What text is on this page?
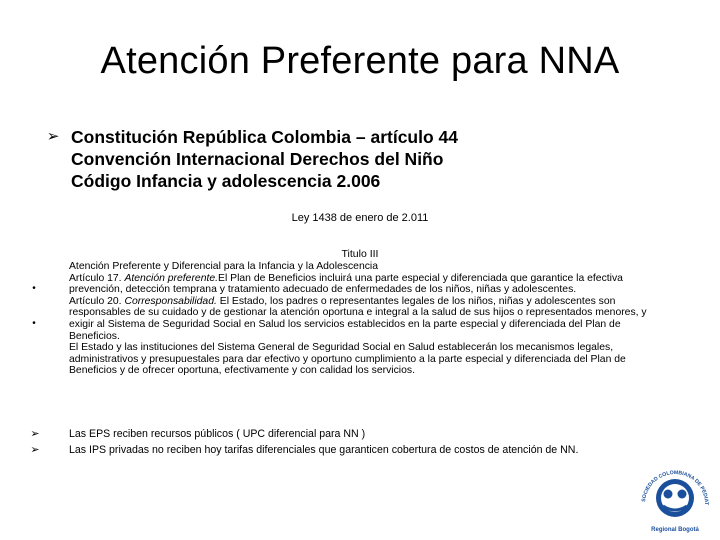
Atención Preferente para NNA
➢ Constitución República Colombia – artículo 44
Convención Internacional Derechos del Niño
Código Infancia y adolescencia 2.006
Ley 1438 de enero de 2.011
Titulo III
•
•

Atención Preferente y Diferencial para la Infancia y la Adolescencia

Artículo 17. Atención preferente.El Plan de Beneficios incluirá una parte especial y diferenciada que garantice la efectiva prevención, detección temprana y tratamiento adecuado de enfermedades de los niños, niñas y adolescentes.

Artículo 20. Corresponsabilidad. El Estado, los padres o representantes legales de los niños, niñas y adolescentes son responsables de su cuidado y de gestionar la atención oportuna e integral a la salud de sus hijos o representados menores, y exigir al Sistema de Seguridad Social en Salud los servicios establecidos en la parte especial y diferenciada del Plan de Beneficios.

El Estado y las instituciones del Sistema General de Seguridad Social en Salud establecerán los mecanismos legales, administrativos y presupuestales para dar efectivo y oportuno cumplimiento a la parte especial y diferenciada del Plan de Beneficios y de ofrecer oportuna, efectivamente y con calidad los servicios.

➢	Las EPS reciben recursos públicos ( UPC diferencial para NN )
➢	Las IPS privadas no reciben hoy tarifas diferenciales que garanticen cobertura de costos de atención de NN.
SOCIEDAD COLOMBIANA DE PEDIAT
Regional Bogotá
